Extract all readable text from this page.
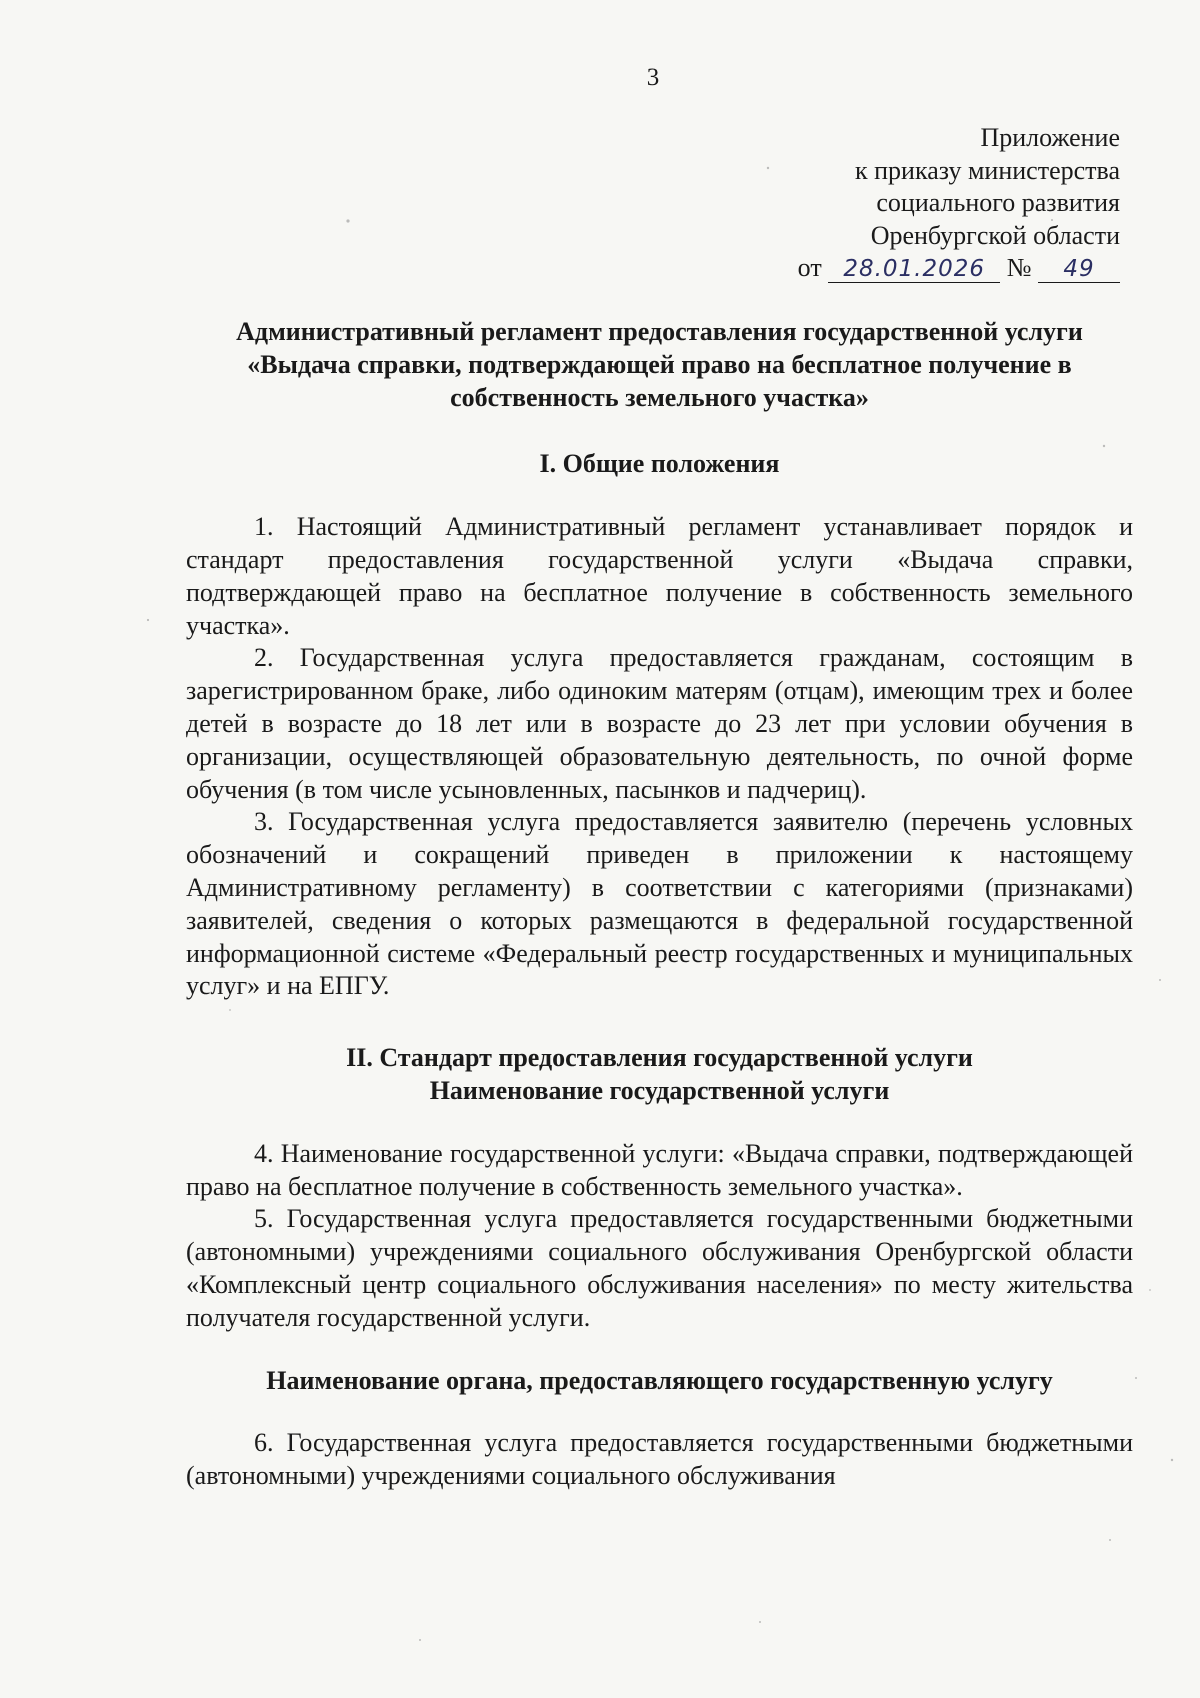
3
Приложение
к приказу министерства
социального развития
Оренбургской области
от 28.01.2026 № 49
Административный регламент предоставления государственной услуги
«Выдача справки, подтверждающей право на бесплатное получение в
собственность земельного участка»
I. Общие положения

1. Настоящий Административный регламент устанавливает порядок и стандарт предоставления государственной услуги «Выдача справки, подтверждающей право на бесплатное получение в собственность земельного участка».

2. Государственная услуга предоставляется гражданам, состоящим в зарегистрированном браке, либо одиноким матерям (отцам), имеющим трех и более детей в возрасте до 18 лет или в возрасте до 23 лет при условии обучения в организации, осуществляющей образовательную деятельность, по очной форме обучения (в том числе усыновленных, пасынков и падчериц).

3. Государственная услуга предоставляется заявителю (перечень условных обозначений и сокращений приведен в приложении к настоящему Административному регламенту) в соответствии с категориями (признаками) заявителей, сведения о которых размещаются в федеральной государственной информационной системе «Федеральный реестр государственных и муниципальных услуг» и на ЕПГУ.

II. Стандарт предоставления государственной услуги
Наименование государственной услуги

4. Наименование государственной услуги: «Выдача справки, подтверждающей право на бесплатное получение в собственность земельного участка».

5. Государственная услуга предоставляется государственными бюджетными (автономными) учреждениями социального обслуживания Оренбургской области «Комплексный центр социального обслуживания населения» по месту жительства получателя государственной услуги.

Наименование органа, предоставляющего государственную услугу

6. Государственная услуга предоставляется государственными бюджетными (автономными) учреждениями социального обслуживания
